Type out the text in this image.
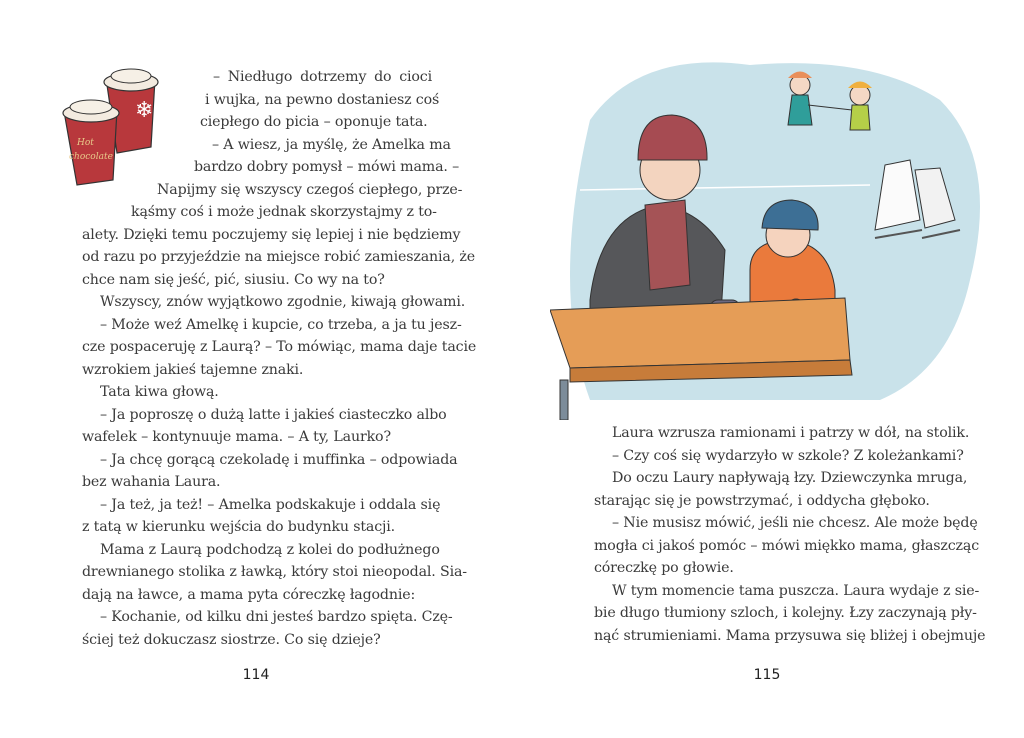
❄
Hot
chocolate
– Niedługo dotrzemy do cioci
i wujka, na pewno dostaniesz coś
ciepłego do picia – oponuje tata.
– A wiesz, ja myślę, że Amelka ma
bardzo dobry pomysł – mówi mama. –
Napijmy się wszyscy czegoś ciepłego, prze-
kąśmy coś i może jednak skorzystajmy z to-
alety. Dzięki temu poczujemy się lepiej i nie będziemy
od razu po przyjeździe na miejsce robić zamieszania, że
chce nam się jeść, pić, siusiu. Co wy na to?
Wszyscy, znów wyjątkowo zgodnie, kiwają głowami.
– Może weź Amelkę i kupcie, co trzeba, a ja tu jesz-
cze pospaceruję z Laurą? – To mówiąc, mama daje tacie
wzrokiem jakieś tajemne znaki.
Tata kiwa głową.
– Ja poproszę o dużą latte i jakieś ciasteczko albo
wafelek – kontynuuje mama. – A ty, Laurko?
– Ja chcę gorącą czekoladę i muffinka – odpowiada
bez wahania Laura.
– Ja też, ja też! – Amelka podskakuje i oddala się
z tatą w kierunku wejścia do budynku stacji.
Mama z Laurą podchodzą z kolei do podłużnego
drewnianego stolika z ławką, który stoi nieopodal. Sia-
dają na ławce, a mama pyta córeczkę łagodnie:
– Kochanie, od kilku dni jesteś bardzo spięta. Czę-
ściej też dokuczasz siostrze. Co się dzieje?
114
Laura wzrusza ramionami i patrzy w dół, na stolik.
– Czy coś się wydarzyło w szkole? Z koleżankami?
Do oczu Laury napływają łzy. Dziewczynka mruga,
starając się je powstrzymać, i oddycha głęboko.
– Nie musisz mówić, jeśli nie chcesz. Ale może będę
mogła ci jakoś pomóc – mówi miękko mama, głaszcząc
córeczkę po głowie.
W tym momencie tama puszcza. Laura wydaje z sie-
bie długo tłumiony szloch, i kolejny. Łzy zaczynają pły-
nąć strumieniami. Mama przysuwa się bliżej i obejmuje
115
